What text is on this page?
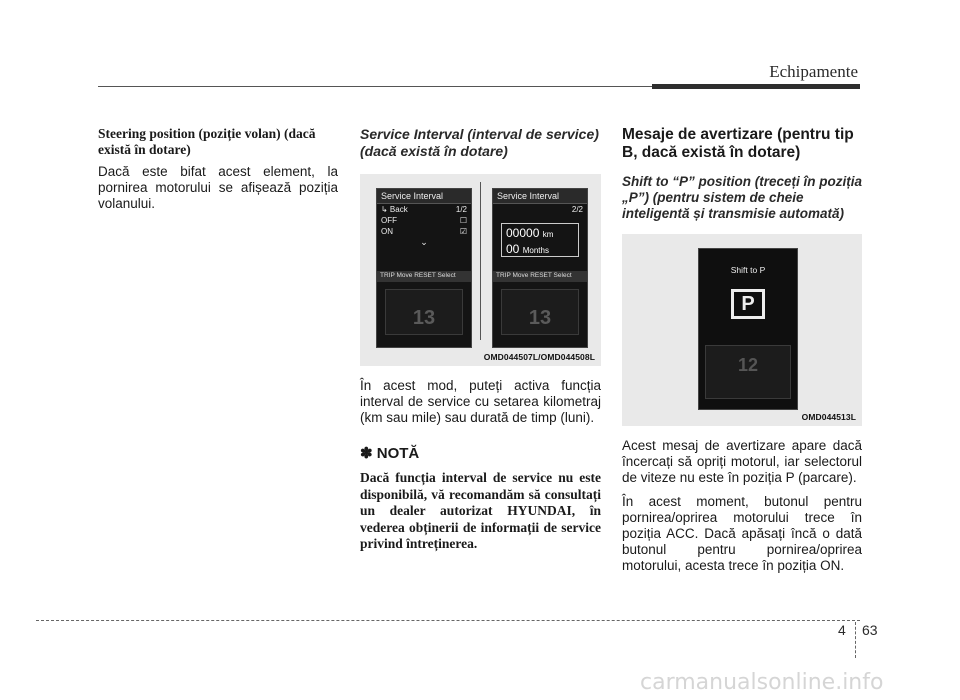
Echipamente
Steering position (poziție volan) (dacă există în dotare)
Dacă este bifat acest element, la pornirea motorului se afișează poziția volanului.
Service Interval (interval de service) (dacă există în dotare)
Service Interval
↳ Back	1/2
OFF	☐
ON	☑
⌄
TRIP Move RESET Select
13
Service Interval
2/2
00000 km
00 Months
TRIP Move RESET Select
13
OMD044507L/OMD044508L
În acest mod, puteți activa funcția interval de service cu setarea kilometraj (km sau mile) sau durată de timp (luni).
✽ NOTĂ
Dacă funcția interval de service nu este disponibilă, vă recomandăm să consultați un dealer autorizat HYUNDAI, în vederea obținerii de informații de service privind întreținerea.
Mesaje de avertizare (pentru tip B, dacă există în dotare)
Shift to “P” position (treceți în poziția „P”) (pentru sistem de cheie inteligentă și transmisie automată)
Shift to P
P
12
OMD044513L
Acest mesaj de avertizare apare dacă încercați să opriți motorul, iar selectorul de viteze nu este în poziția P (parcare).
În acest moment, butonul pentru pornirea/oprirea motorului trece în poziția ACC. Dacă apăsați încă o dată butonul pentru pornirea/oprirea motorului, acesta trece în poziția ON.
4 63
carmanualsonline.info
